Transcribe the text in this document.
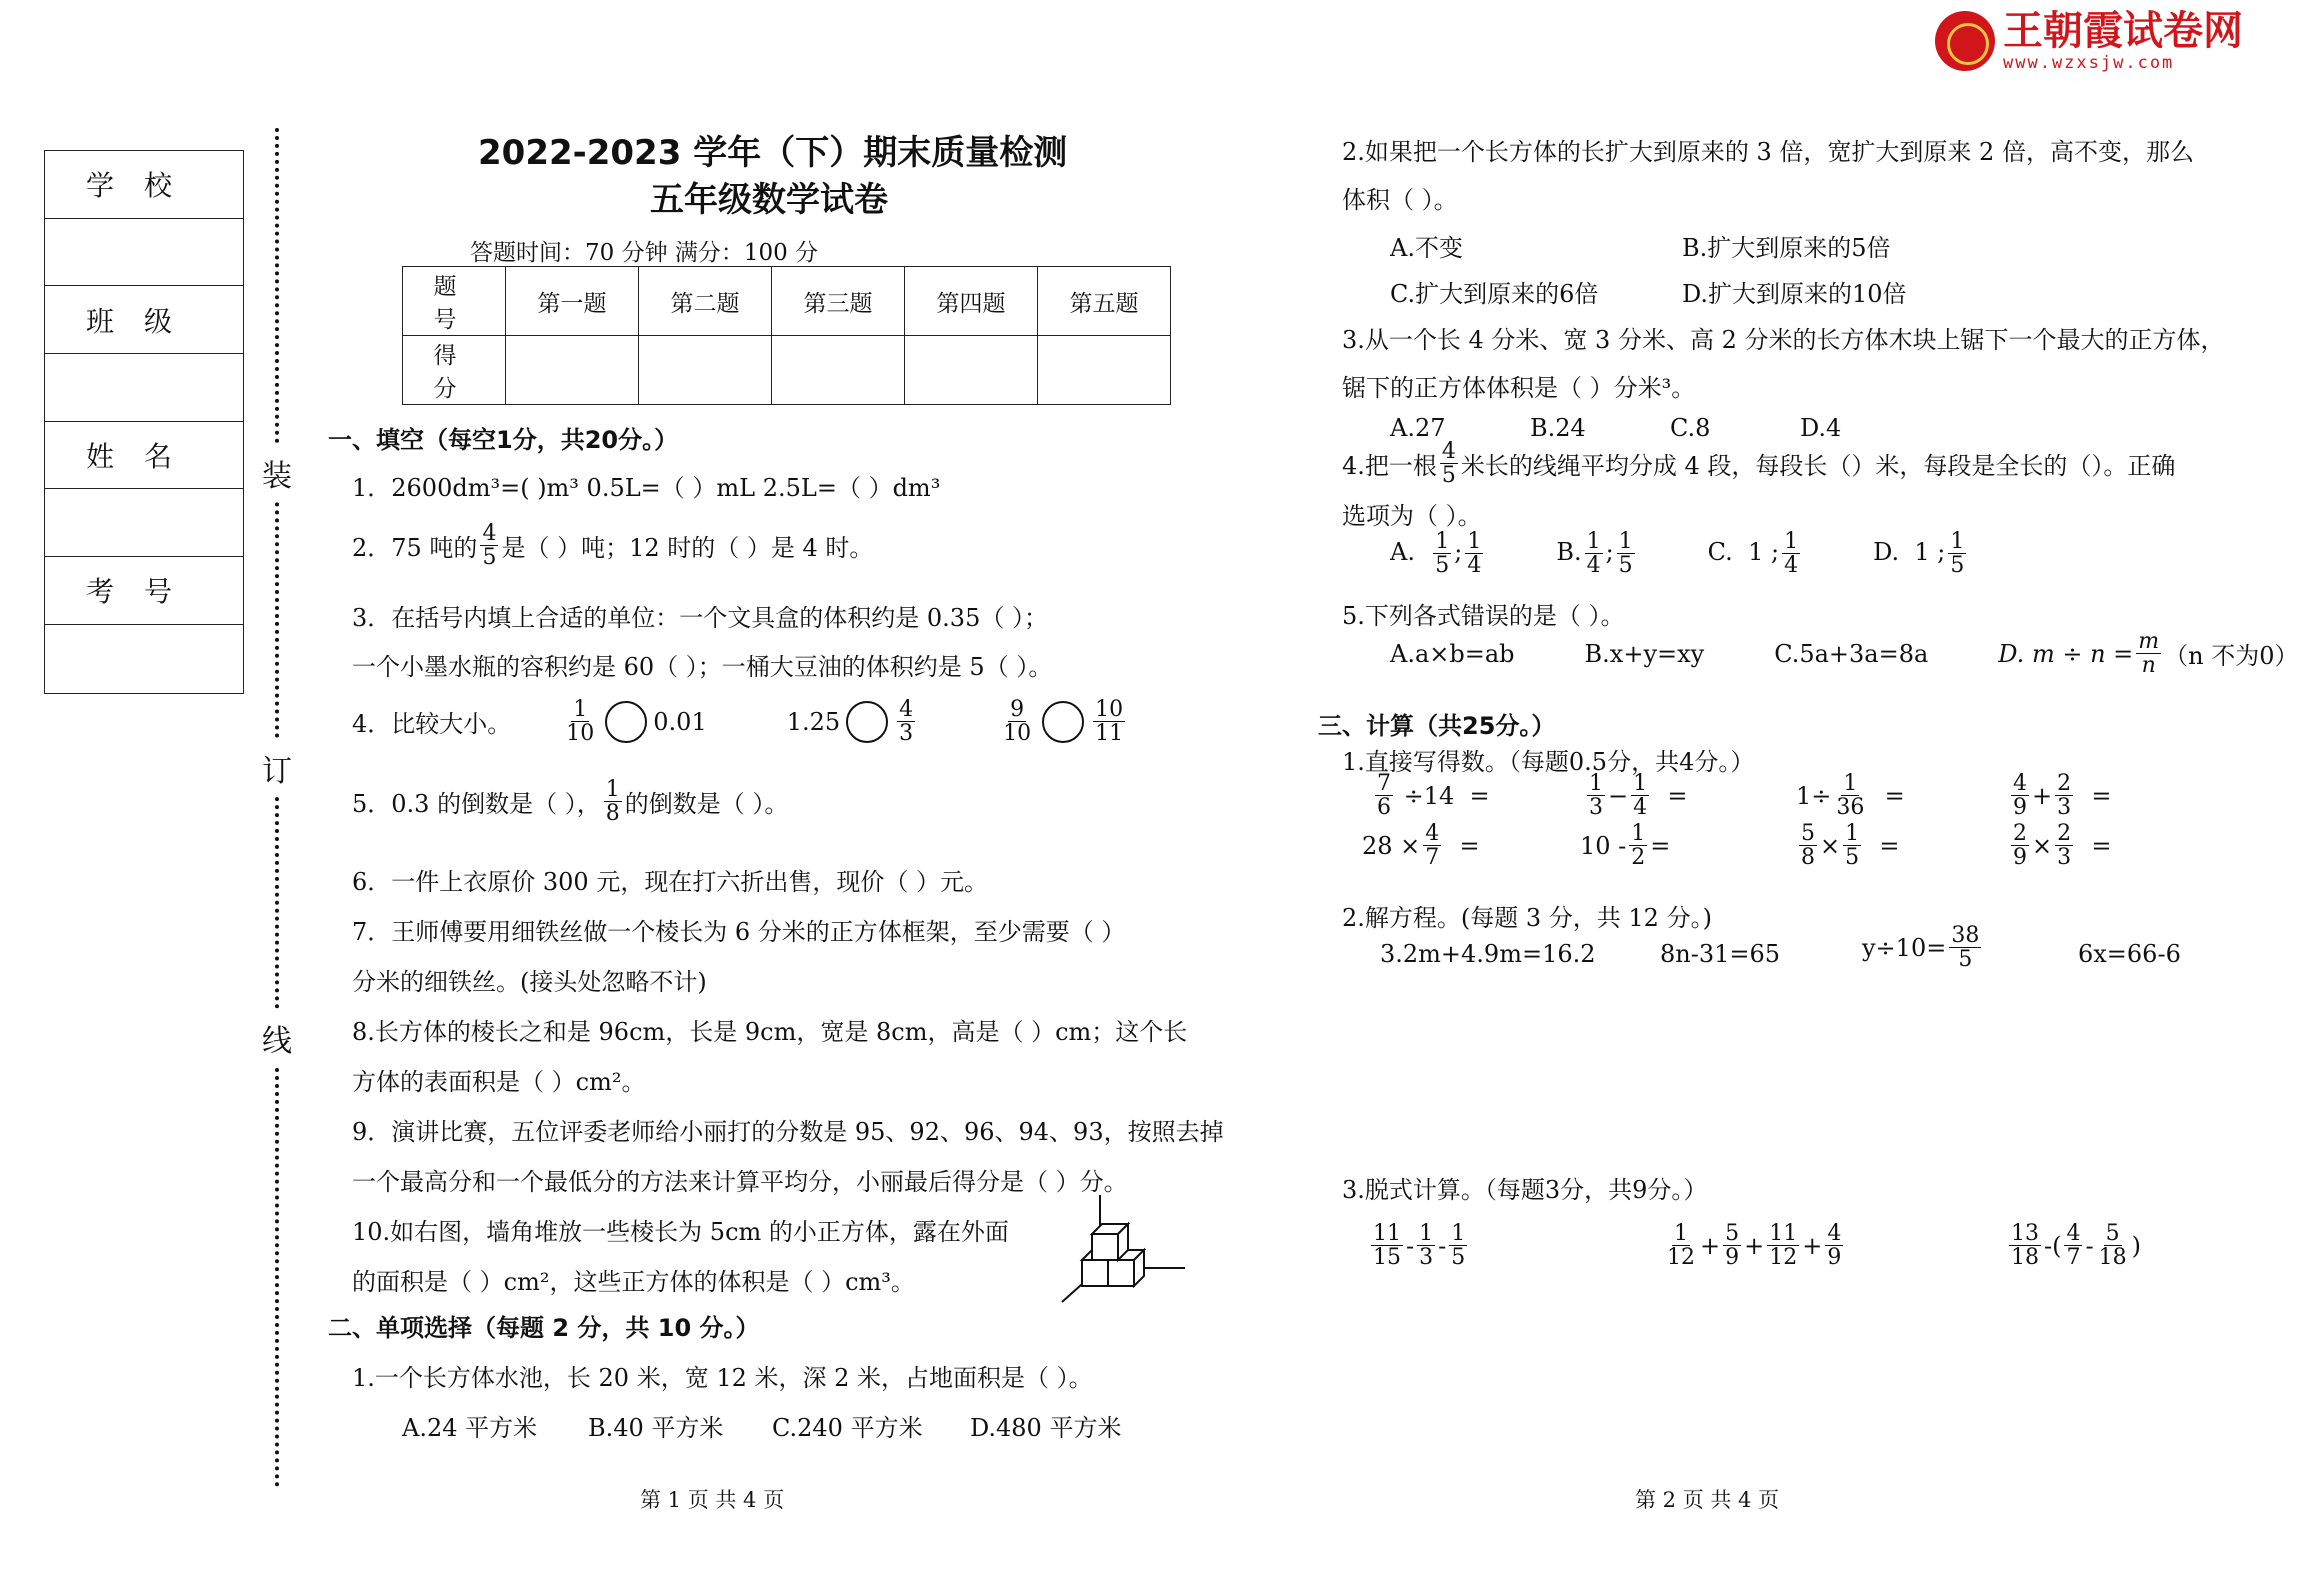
王朝霞试卷网
www.wzxsjw.com
学校
班级
姓名
考号
装
订
线
2022-2023 学年（下）期末质量检测
五年级数学试卷
答题时间：70 分钟 满分：100 分
题 号	第一题	第二题	第三题	第四题	第五题
得 分					
一、填空（每空1分，共20分。）
1．2600dm³=( )m³ 0.5L=（ ）mL 2.5L=（ ）dm³
2．75 吨的 $\frac{4}{5}$ 是（ ）吨；12 时的（ ）是 4 时。
3．在括号内填上合适的单位：一个文具盒的体积约是 0.35（ ）；
一个小墨水瓶的容积约是 60（ ）；一桶大豆油的体积约是 5（ ）。
4．比较大小。 $\frac{1}{10} 0.01$	1.25	$\frac{4}{3}$	$\frac{9}{10}$	$\frac{10}{11}$
5．0.3 的倒数是（ ）， $\frac{1}{8}$ 的倒数是（ ）。
6．一件上衣原价 300 元，现在打六折出售，现价（ ）元。
7．王师傅要用细铁丝做一个棱长为 6 分米的正方体框架，至少需要（ ）
分米的细铁丝。(接头处忽略不计)
8.长方体的棱长之和是 96cm，长是 9cm，宽是 8cm，高是（ ）cm；这个长
方体的表面积是（ ）cm²。
9．演讲比赛，五位评委老师给小丽打的分数是 95、92、96、94、93，按照去掉
一个最高分和一个最低分的方法来计算平均分，小丽最后得分是（ ）分。
10.如右图，墙角堆放一些棱长为 5cm 的小正方体，露在外面
的面积是（ ）cm²，这些正方体的体积是（ ）cm³。
二、单项选择（每题 2 分，共 10 分。）
1.一个长方体水池，长 20 米，宽 12 米，深 2 米，占地面积是（ ）。
A.24 平方米 B.40 平方米 C.240 平方米 D.480 平方米
第 1 页 共 4 页	第 2 页 共 4 页
2.如果把一个长方体的长扩大到原来的 3 倍，宽扩大到原来 2 倍，高不变，那么
体积（ ）。
A.不变	B.扩大到原来的5倍
C.扩大到原来的6倍	D.扩大到原来的10倍
3.从一个长 4 分米、宽 3 分米、高 2 分米的长方体木块上锯下一个最大的正方体，
锯下的正方体体积是（ ）分米³。
A.27	B.24	C.8	D.4
4.把一根 $\frac{4}{5}$ 米长的线绳平均分成 4 段，每段长（）米，每段是全长的（）。正确
选项为（ ）。
A. $\frac{1}{5}$ ; $\frac{1}{4}$	B. $\frac{1}{4}$ ; $\frac{1}{5}$	C.  1 ; $\frac{1}{4}$	D.  1 ; $\frac{1}{5}$
5.下列各式错误的是（ ）。
A.a×b=ab	B.x+y=xy	C.5a+3a=8a	D. $m \div n = \frac{m}{n} (n$ 不为0）
三、计算（共25分。）
1.直接写得数。（每题0.5分，共4分。）
$\frac{7}{6} \div 14$  =	$\frac{1}{3} - \frac{1}{4}$ =	$1\div \frac{1}{36}$ =	$\frac{4}{9} + \frac{2}{3}$ =
$28 \times \frac{4}{7}$ =	$10 - \frac{1}{2}$ =	$\frac{5}{8} \times \frac{1}{5}$ =	$\frac{2}{9} \times \frac{2}{3}$ =
2.解方程。(每题 3 分，共 12 分。)
3.2m+4.9m=16.2	8n-31=65	$y\div 10= \frac{38}{5}$	6x=66-6
3.脱式计算。（每题3分，共9分。）
$\frac{11}{15} - \frac{1}{3} - \frac{1}{5}$	$\frac{1}{12} + \frac{5}{9} + \frac{11}{12} + \frac{4}{9}$	$\frac{13}{18}$ -( $\frac{4}{7} - \frac{5}{18}$ )
